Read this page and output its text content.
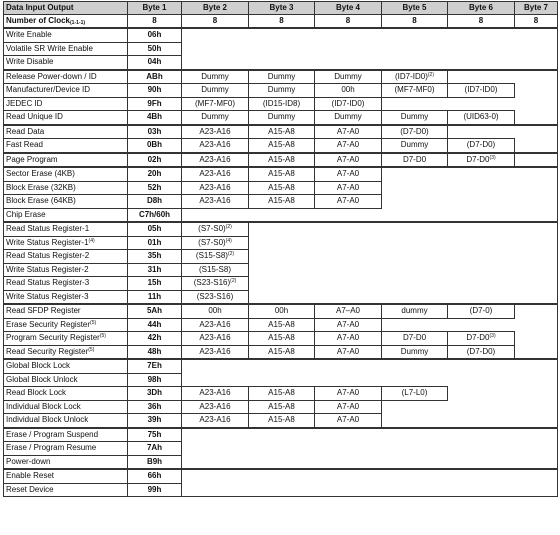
Data Input Output	Byte 1	Byte 2	Byte 3	Byte 4	Byte 5	Byte 6	Byte 7
Number of Clock$_{(1-1-1)}$	8	8	8	8	8	8	8
Write Enable	06h						
Volatile SR Write Enable	50h						
Write Disable	04h						
Release Power-down / ID	ABh	Dummy	Dummy	Dummy	$(ID7-ID0)^{(2)}$	
Manufacturer/Device ID	90h	Dummy	Dummy	00h	(MF7-MF0)	(ID7-ID0)	
JEDEC ID	9Fh	(MF7-MF0)	(ID15-ID8)	(ID7-ID0)			
Read Unique ID	4Bh	Dummy	Dummy	Dummy	Dummy	(UID63-0)	
Read Data	03h	A23-A16	A15-A8	A7-A0	(D7-D0)		
Fast Read	0Bh	A23-A16	A15-A8	A7-A0	Dummy	(D7-D0)	
Page Program	02h	A23-A16	A15-A8	A7-A0	D7-D0	D7-D0$^{(3)}$	
Sector Erase (4KB)	20h	A23-A16	A15-A8	A7-A0			
Block Erase (32KB)	52h	A23-A16	A15-A8	A7-A0			
Block Erase (64KB)	D8h	A23-A16	A15-A8	A7-A0			
Chip Erase	C7h/60h						
Read Status Register-1	05h	$(S7-S0)^{(2)}$	
Write Status Register-1$^{(4)}$	01h	$(S7-S0)^{(4)}$	
Read Status Register-2	35h	$(S15-S8)^{(2)}$	
Write Status Register-2	31h	(S15-S8)					
Read Status Register-3	15h	$(S23-S16)^{(2)}$	
Write Status Register-3	11h	(S23-S16)					
Read SFDP Register	5Ah	00h	00h	A7–A0	dummy	(D7-0)	
Erase Security Register$^{(5)}$	44h	A23-A16	A15-A8	A7-A0			
Program Security Register$^{(5)}$	42h	A23-A16	A15-A8	A7-A0	D7-D0	D7-D0$^{(3)}$	
Read Security Register$^{(5)}$	48h	A23-A16	A15-A8	A7-A0	Dummy	(D7-D0)	
Global Block Lock	7Eh						
Global Block Unlock	98h						
Read Block Lock	3Dh	A23-A16	A15-A8	A7-A0	(L7-L0)		
Individual Block Lock	36h	A23-A16	A15-A8	A7-A0			
Individual Block Unlock	39h	A23-A16	A15-A8	A7-A0			
Erase / Program Suspend	75h						
Erase / Program Resume	7Ah						
Power-down	B9h						
Enable Reset	66h						
Reset Device	99h						
